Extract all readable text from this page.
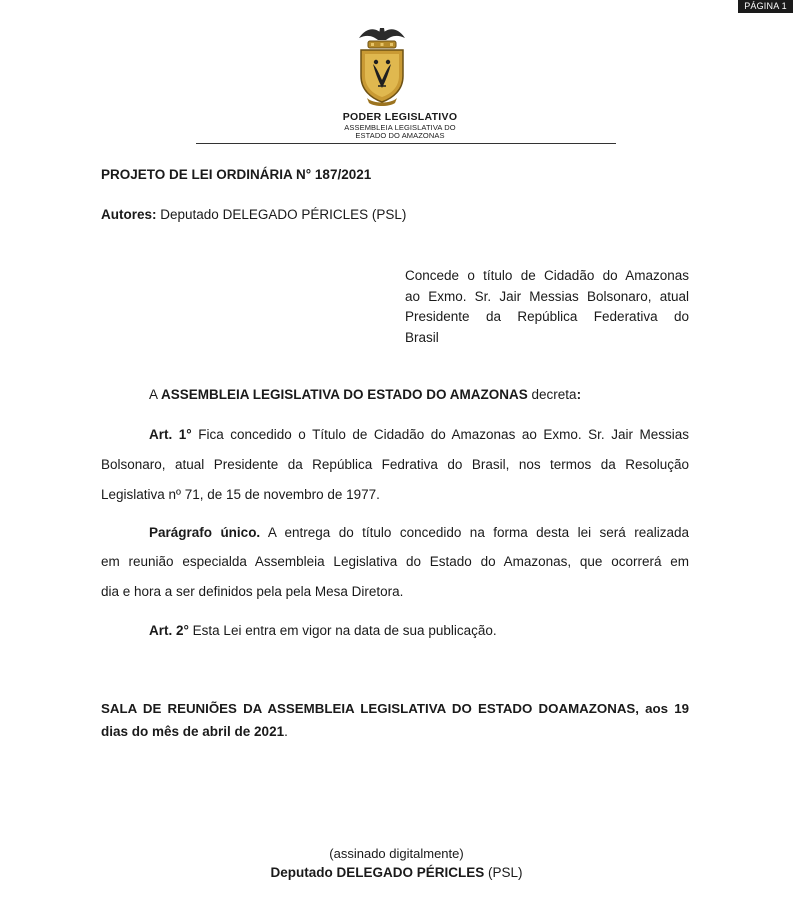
PÁGINA 1
PODER LEGISLATIVO
ASSEMBLEIA LEGISLATIVA DO
ESTADO DO AMAZONAS
PROJETO DE LEI ORDINÁRIA N° 187/2021
Autores: Deputado DELEGADO PÉRICLES (PSL)
Concede o título de Cidadão do Amazonas
ao Exmo. Sr. Jair Messias Bolsonaro, atual
Presidente da República Federativa do
Brasil
A ASSEMBLEIA LEGISLATIVA DO ESTADO DO AMAZONAS decreta:
Art. 1° Fica concedido o Título de Cidadão do Amazonas ao Exmo. Sr. Jair Messias
Bolsonaro, atual Presidente da República Fedrativa do Brasil, nos termos da Resolução
Legislativa nº 71, de 15 de novembro de 1977.
Parágrafo único. A entrega do título concedido na forma desta lei será realizada
em reunião especialda Assembleia Legislativa do Estado do Amazonas, que ocorrerá em
dia e hora a ser definidos pela pela Mesa Diretora.
Art. 2° Esta Lei entra em vigor na data de sua publicação.
SALA DE REUNIÕES DA ASSEMBLEIA LEGISLATIVA DO ESTADO DOAMAZONAS, aos 19
dias do mês de abril de 2021.
(assinado digitalmente)
Deputado DELEGADO PÉRICLES (PSL)
